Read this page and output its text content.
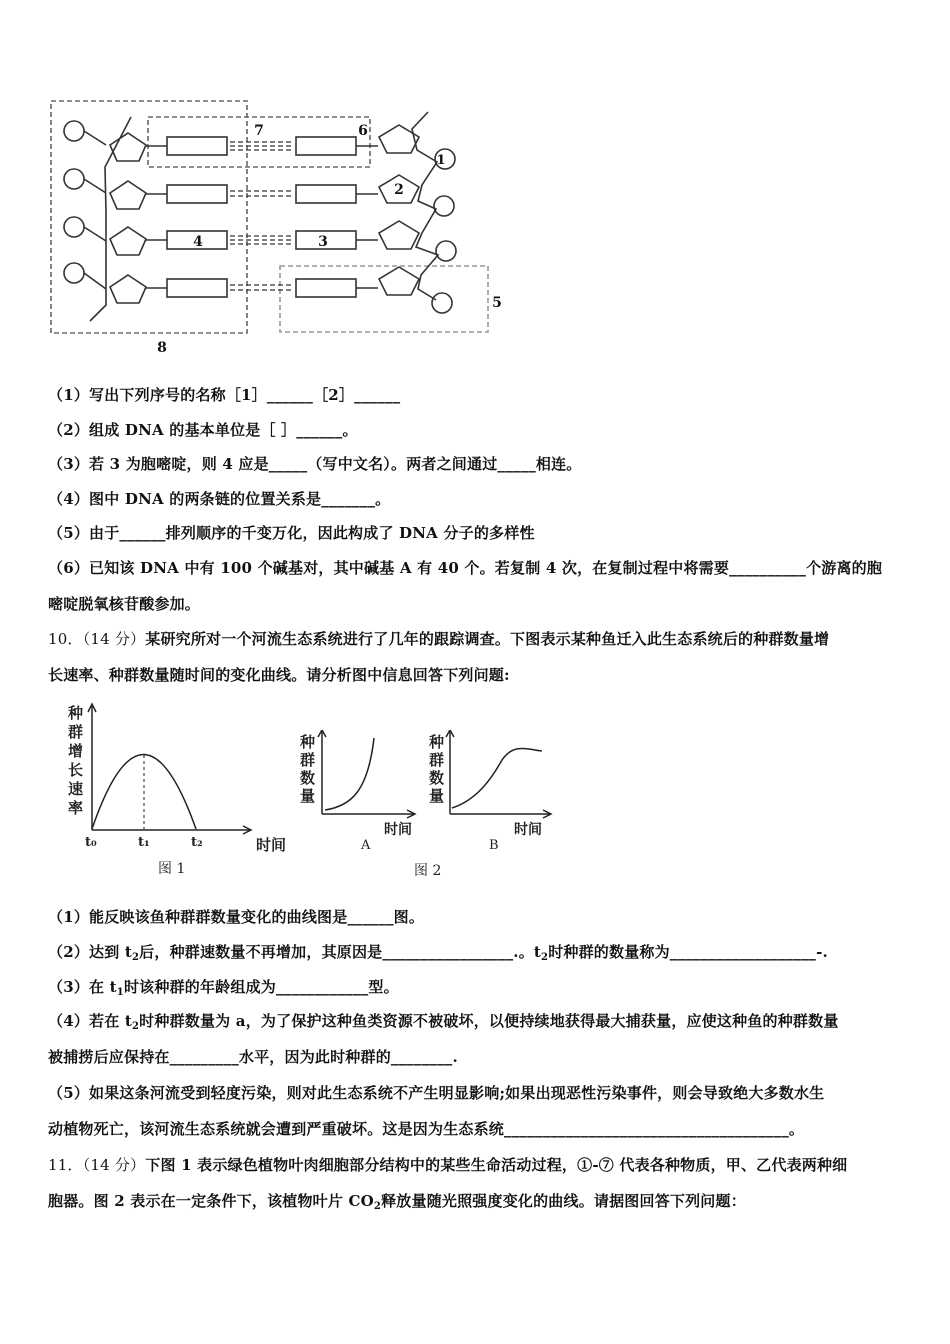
1
2
3
4
5
6
7
8
（1）写出下列序号的名称［1］______［2］______
（2）组成 DNA 的基本单位是［ ］______。
（3）若 3 为胞嘧啶，则 4 应是_____（写中文名）。两者之间通过_____相连。
（4）图中 DNA 的两条链的位置关系是_______。
（5）由于______排列顺序的千变万化，因此构成了 DNA 分子的多样性
（6）已知该 DNA 中有 100 个碱基对，其中碱基 A 有 40 个。若复制 4 次，在复制过程中将需要__________个游离的胞
嘧啶脱氧核苷酸参加。
10．（14 分）某研究所对一个河流生态系统进行了几年的跟踪调查。下图表示某种鱼迁入此生态系统后的种群数量增
长速率、种群数量随时间的变化曲线。请分析图中信息回答下列问题:
种
群
增
长
速
率
t₀	t₁	t₂	时间
图 1
种
群
数
量
时间
A
种
群
数
量
时间
B
图 2
（1）能反映该鱼种群群数量变化的曲线图是______图。
（2）达到 $t_2$后，种群速数量不再增加，其原因是_________________.。$t_2$时种群的数量称为___________________-.
（3）在 $t_1$时该种群的年龄组成为____________型。
（4）若在 $t_2$时种群数量为 a，为了保护这种鱼类资源不被破坏，以便持续地获得最大捕获量，应使这种鱼的种群数量
被捕捞后应保持在_________水平，因为此时种群的________.
（5）如果这条河流受到轻度污染，则对此生态系统不产生明显影响;如果出现恶性污染事件，则会导致绝大多数水生
动植物死亡，该河流生态系统就会遭到严重破坏。这是因为生态系统_____________________________________。
11．（14 分）下图 1 表示绿色植物叶肉细胞部分结构中的某些生命活动过程，①-⑦ 代表各种物质，甲、乙代表两种细
胞器。图 2 表示在一定条件下，该植物叶片 $CO_2$释放量随光照强度变化的曲线。请据图回答下列问题：
